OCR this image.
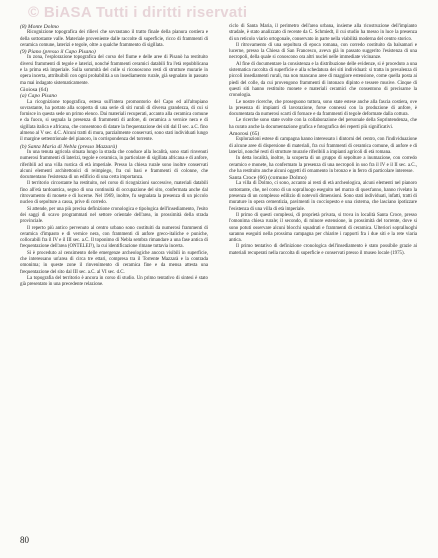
© BiASA Tutti i diritti riservati

(8) Monte Dolmo

Ricognizione topografica dei rilievi che sovrastano il tratto finale della pianura costiera e della sottostante valle. Materiale proveniente dalle raccolte di superficie, ricco di frammenti di ceramica comune, laterizi e tegole, oltre a qualche frammento di sigillata.

(9) Piano (presso il Capo Pisano)

In zona, l'esplorazione topografica del corso del fiume e delle aree di Pisanò ha restituito diversi frammenti di tegole e laterizi, nonché frammenti ceramici databili fra l'età repubblicana e la prima età imperiale. Sulla sommità del colle si riconoscono resti di strutture murarie in opera incerta, attribuibili con ogni probabilità a un insediamento rurale, già segnalato in passato ma mai indagato sistematicamente.

Gioiosa (64)

(a) Capo Pisano

La ricognizione topografica, estesa sull'intera promontorio del Capo ed all'altopiano sovrastante, ha portato alla scoperta di una serie di siti rurali di diversa grandezza, di cui si fornisce in questa sede un primo elenco. Dai materiali recuperati, accanto alla ceramica comune e da fuoco, si segnala la presenza di frammenti di anfore, di ceramica a vernice nera e di sigillata italica e africana, che consentono di datare la frequentazione dei siti dal II sec. a.C. fino almeno al V sec. d.C. Alcuni tratti di mura, parzialmente conservati, sono stati individuati lungo il margine settentrionale del pianoro, in corrispondenza del torrente.

(b) Santa Maria di Nebla (presso Mazzarà)

In una tenuta agricola situata lungo la strada che conduce alla località, sono stati rinvenuti numerosi frammenti di laterizi, tegole e ceramica, in particolare di sigillata africana e di anfore, riferibili ad una villa rustica di età imperiale. Presso la chiesa rurale sono inoltre conservati alcuni elementi architettonici di reimpiego, fra cui basi e frammenti di colonne, che documentano l'esistenza di un edificio di una certa importanza.

Il territorio circostante ha restituito, nel corso di ricognizioni successive, materiali databili fino all'età tardoantica, segno di una continuità di occupazione del sito, confermata anche dal ritrovamento di monete e di lucerne. Nel 1969, inoltre, fu segnalata la presenza di un piccolo nucleo di sepolture a cassa, prive di corredo.

Si attende, per una più precisa definizione cronologica e tipologica dell'insediamento, l'esito dei saggi di scavo programmati nel settore orientale dell'area, in prossimità della strada provinciale.

Il reperto più antico pervenuto al centro urbano sono costituiti da numerosi frammenti di ceramica d'impasto e di vernice nera, con frammenti di anfore greco-italiche e puniche, collocabili fra il IV e il III sec. a.C. Il toponimo di Nebla sembra rimandare a una fase antica di frequentazione dell'area (ONTELEI?), la cui identificazione rimane tuttavia incerta.

Si è proceduto al censimento delle emergenze archeologiche ancora visibili in superficie, che interessano un'area di circa tre ettari, compresa tra il Torrente Mazzarà e la contrada omonima; in queste zone il rinvenimento di ceramica fine e da mensa attesta una frequentazione del sito dal III sec. a.C. al VI sec. d.C.

La topografia del territorio è ancora in corso di studio. Un primo tentativo di sintesi è stato già presentato in una precedente relazione.

ciclo di Santa Maria, il perimetro dell'area urbana, insieme alla ricostruzione dell'impianto stradale, è stato analizzato di recente da C. Schmiedt, il cui studio ha messo in luce la presenza di un reticolo viario ortogonale, conservato in parte nella viabilità moderna del centro storico.

Il ritrovamento di una sepoltura di epoca romana, con corredo costituito da balsamari e lucerne, presso la Chiesa di San Francesco, aveva già in passato suggerito l'esistenza di una necropoli, della quale si conoscono ora altri nuclei nelle immediate vicinanze.

Al fine di documentare la consistenza e la distribuzione delle evidenze, si è proceduto a una sistematica raccolta di superficie e alla schedatura dei siti individuati: si tratta in prevalenza di piccoli insediamenti rurali, ma non mancano aree di maggiore estensione, come quella posta ai piedi del colle, da cui provengono frammenti di intonaco dipinto e tessere musive. Cinque di questi siti hanno restituito monete e materiali ceramici che consentono di precisarne la cronologia.

Le nostre ricerche, che proseguono tuttora, sono state estese anche alla fascia costiera, ove la presenza di impianti di lavorazione, forse connessi con la produzione di anfore, è documentata da numerosi scarti di fornace e da frammenti di tegole deformate dalla cottura.

Le ricerche sono state svolte con la collaborazione del personale della Soprintendenza, che ha curato anche la documentazione grafica e fotografica dei reperti più significativi.

Amorosi (65)

Esplorazioni estese di campagna hanno interessato i dintorni del centro, con l'individuazione di alcune aree di dispersione di materiali, fra cui frammenti di ceramica comune, di anfore e di laterizi, nonché resti di strutture murarie riferibili a impianti agricoli di età romana.

In detta località, inoltre, la scoperta di un gruppo di sepolture a inumazione, con corredo ceramico e monete, ha confermato la presenza di una necropoli in uso fra il IV e il II sec. a.C., che ha restituito anche alcuni oggetti di ornamento in bronzo e in ferro di particolare interesse.

Santa Croce (66) (comune Dolmo)

La villa di Dolmo, ci sono, accanto ai resti di età archeologica, alcuni elementi nel pianoro sottostante, che, nel corso di un sopralluogo eseguito nel marzo di quest'anno, hanno rivelato la presenza di un complesso edilizio di notevoli dimensioni. Sono stati individuati, infatti, tratti di murature in opera cementizia, pavimenti in cocciopesto e una cisterna, che lasciano ipotizzare l'esistenza di una villa di età imperiale.

Il primo di questi complessi, di proprietà privata, si trova in località Santa Croce, presso l'omonima chiesa rurale; il secondo, di minore estensione, in prossimità del torrente, dove si sono potuti osservare alcuni blocchi squadrati e frammenti di ceramica. Ulteriori sopralluoghi saranno eseguiti nella prossima campagna per chiarire i rapporti fra i due siti e la rete viaria antica.

Il primo tentativo di definizione cronologica dell'insediamento è stato possibile grazie ai materiali recuperati nella raccolta di superficie e conservati presso il museo locale (1975).

80
